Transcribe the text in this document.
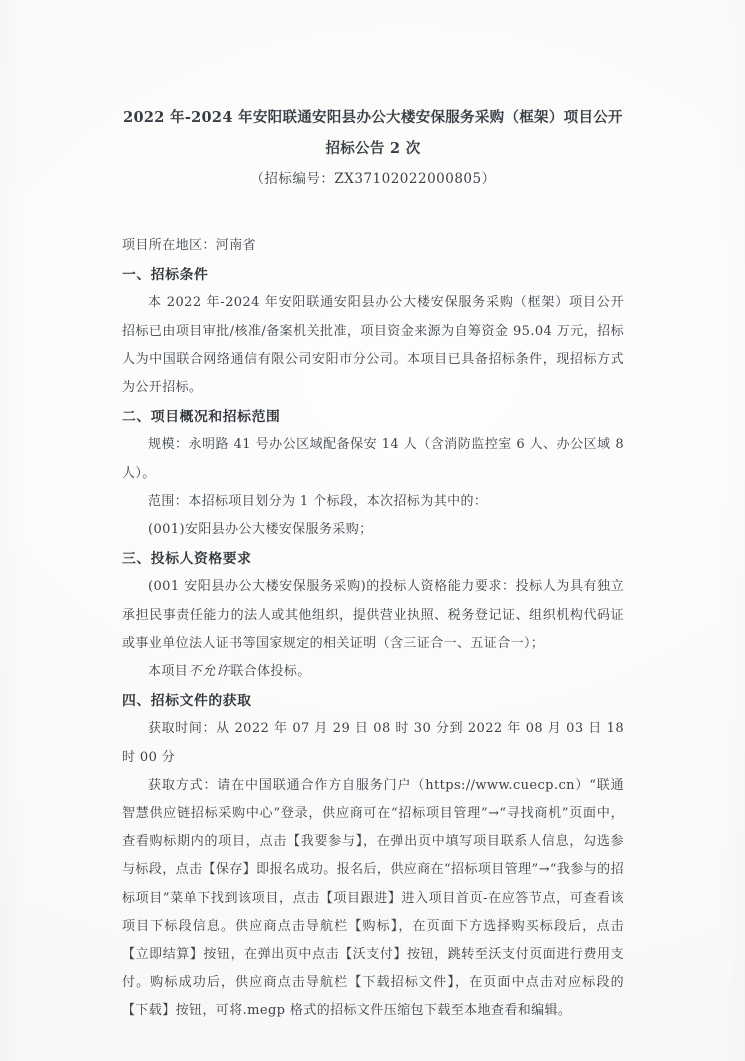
2022 年-2024 年安阳联通安阳县办公大楼安保服务采购（框架）项目公开招标公告 2 次
（招标编号：ZX37102022000805）

项目所在地区：河南省

一、招标条件

本 2022 年-2024 年安阳联通安阳县办公大楼安保服务采购（框架）项目公开招标已由项目审批/核准/备案机关批准，项目资金来源为自筹资金 95.04 万元，招标人为中国联合网络通信有限公司安阳市分公司。本项目已具备招标条件，现招标方式为公开招标。

二、项目概况和招标范围

规模：永明路 41 号办公区域配备保安 14 人（含消防监控室 6 人、办公区域 8 人）。

范围：本招标项目划分为 1 个标段，本次招标为其中的：

(001)安阳县办公大楼安保服务采购；

三、投标人资格要求

(001 安阳县办公大楼安保服务采购)的投标人资格能力要求：投标人为具有独立承担民事责任能力的法人或其他组织，提供营业执照、税务登记证、组织机构代码证或事业单位法人证书等国家规定的相关证明（含三证合一、五证合一）；

本项目不允许联合体投标。

四、招标文件的获取

获取时间：从 2022 年 07 月 29 日 08 时 30 分到 2022 年 08 月 03 日 18 时 00 分

获取方式：请在中国联通合作方自服务门户（https://www.cuecp.cn）“联通智慧供应链招标采购中心”登录，供应商可在“招标项目管理”→“寻找商机”页面中，查看购标期内的项目，点击【我要参与】，在弹出页中填写项目联系人信息，勾选参与标段，点击【保存】即报名成功。报名后，供应商在“招标项目管理”→“我参与的招标项目”菜单下找到该项目，点击【项目跟进】进入项目首页-在应答节点，可查看该项目下标段信息。供应商点击导航栏【购标】，在页面下方选择购买标段后，点击【立即结算】按钮，在弹出页中点击【沃支付】按钮，跳转至沃支付页面进行费用支付。购标成功后，供应商点击导航栏【下载招标文件】，在页面中点击对应标段的【下载】按钮，可将.megp 格式的招标文件压缩包下载至本地查看和编辑。
